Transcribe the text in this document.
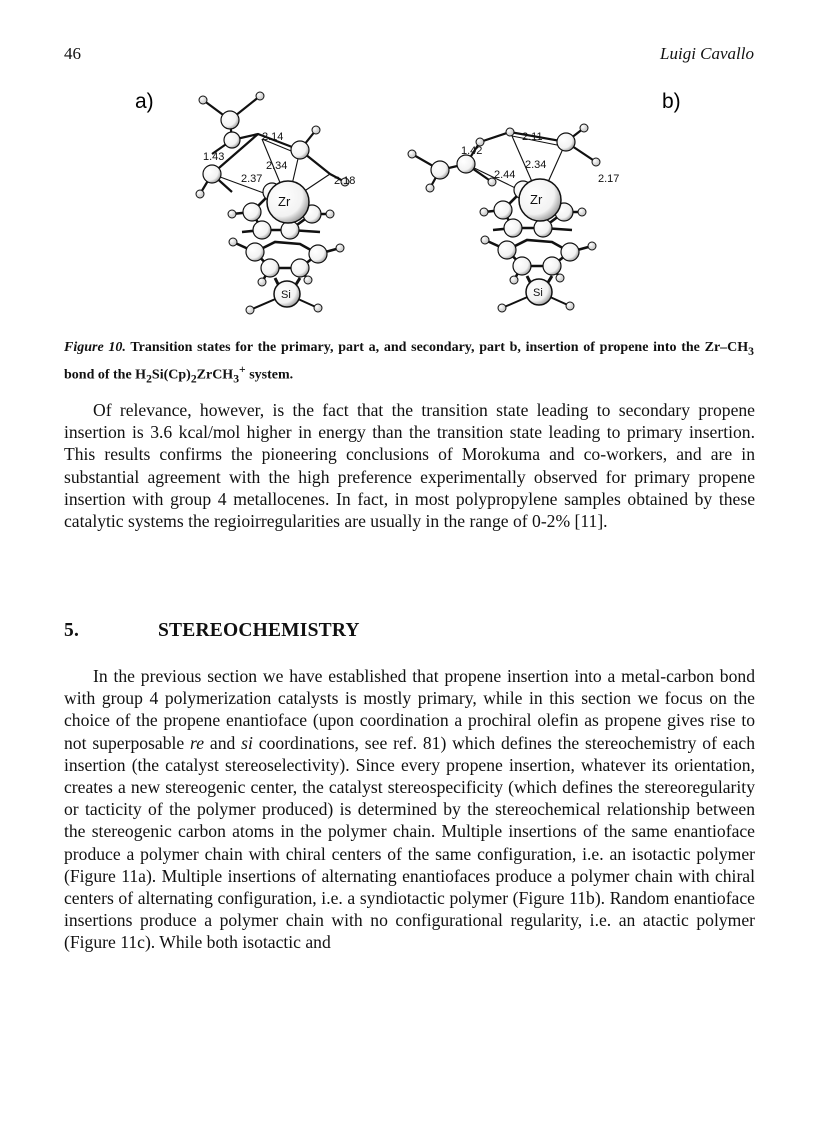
46	Luigi Cavallo
a)	b)
2.14
1.43
2.34
2.37	2.18
Zr
Si
2.11
1.42
2.34
2.44	2.17
Zr
Si
Figure 10. Transition states for the primary, part a, and secondary, part b, insertion of propene into the $Zr-CH_3$ bond of the $H_2Si(Cp)_2ZrCH_3^+$ system.

Of relevance, however, is the fact that the transition state leading to secondary propene insertion is 3.6 kcal/mol higher in energy than the transition state leading to primary insertion. This results confirms the pioneering conclusions of Morokuma and co-workers, and are in substantial agreement with the high preference experimentally observed for primary propene insertion with group 4 metallocenes. In fact, in most polypropylene samples obtained by these catalytic systems the regioirregularities are usually in the range of 0-2% [11].

5.	STEREOCHEMISTRY

In the previous section we have established that propene insertion into a metal-carbon bond with group 4 polymerization catalysts is mostly primary, while in this section we focus on the choice of the propene enantioface (upon coordination a prochiral olefin as propene gives rise to not superposable re and si coordinations, see ref. 81) which defines the stereochemistry of each insertion (the catalyst stereoselectivity). Since every propene insertion, whatever its orientation, creates a new stereogenic center, the catalyst stereospecificity (which defines the stereoregularity or tacticity of the polymer produced) is determined by the stereochemical relationship between the stereogenic carbon atoms in the polymer chain. Multiple insertions of the same enantioface produce a polymer chain with chiral centers of the same configuration, i.e. an isotactic polymer (Figure 11a). Multiple insertions of alternating enantiofaces produce a polymer chain with chiral centers of alternating configuration, i.e. a syndiotactic polymer (Figure 11b). Random enantioface insertions produce a polymer chain with no configurational regularity, i.e. an atactic polymer (Figure 11c). While both isotactic and
